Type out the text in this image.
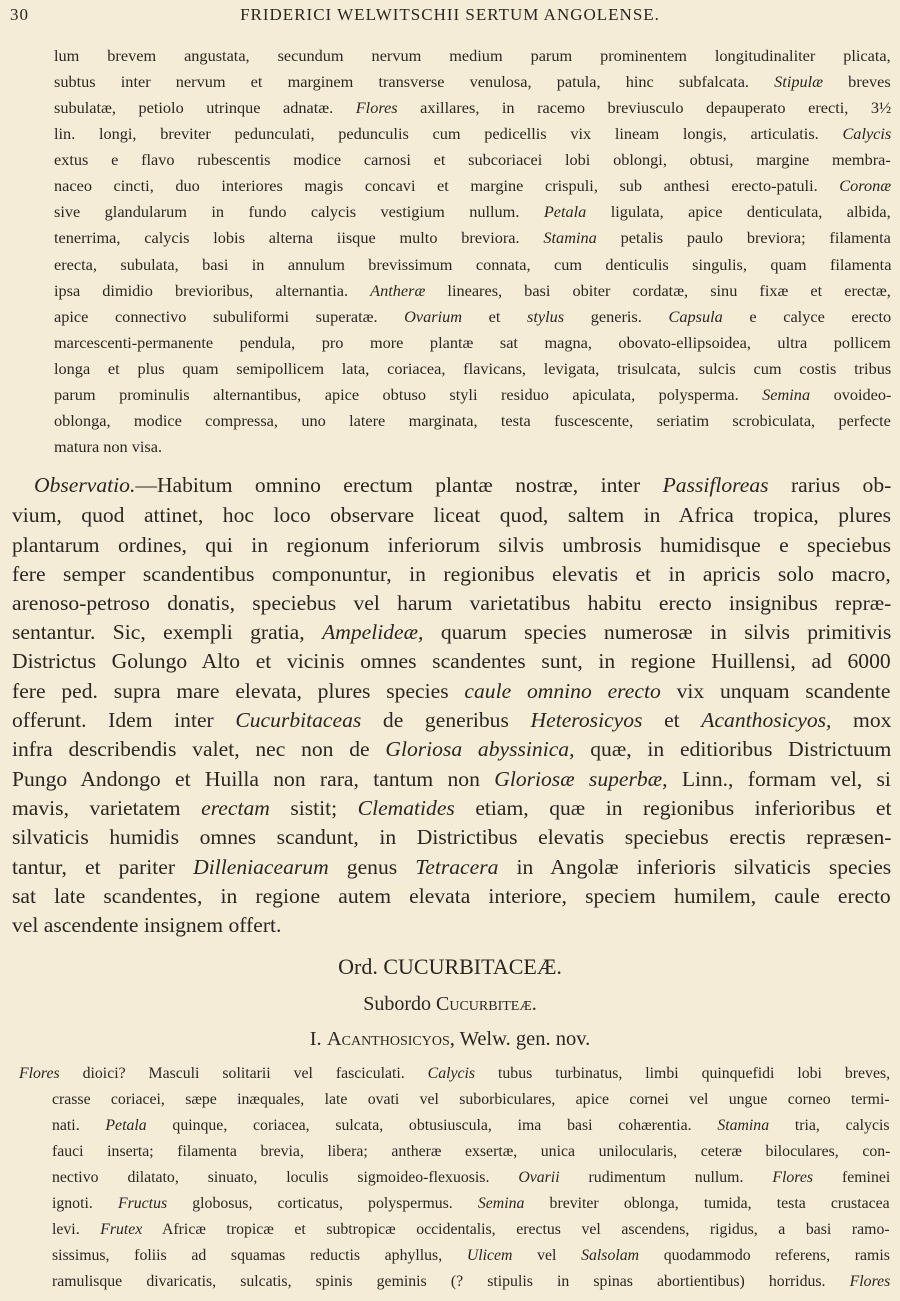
30	FRIDERICI WELWITSCHII SERTUM ANGOLENSE.
lum brevem angustata, secundum nervum medium parum prominentem longitudinaliter plicata,
subtus inter nervum et marginem transverse venulosa, patula, hinc subfalcata. Stipulæ breves
subulatæ, petiolo utrinque adnatæ. Flores axillares, in racemo breviusculo depauperato erecti, 3½
lin. longi, breviter pedunculati, pedunculis cum pedicellis vix lineam longis, articulatis. Calycis
extus e flavo rubescentis modice carnosi et subcoriacei lobi oblongi, obtusi, margine membra-
naceo cincti, duo interiores magis concavi et margine crispuli, sub anthesi erecto-patuli. Coronæ
sive glandularum in fundo calycis vestigium nullum. Petala ligulata, apice denticulata, albida,
tenerrima, calycis lobis alterna iisque multo breviora. Stamina petalis paulo breviora; filamenta
erecta, subulata, basi in annulum brevissimum connata, cum denticulis singulis, quam filamenta
ipsa dimidio brevioribus, alternantia. Antheræ lineares, basi obiter cordatæ, sinu fixæ et erectæ,
apice connectivo subuliformi superatæ. Ovarium et stylus generis. Capsula e calyce erecto
marcescenti-permanente pendula, pro more plantæ sat magna, obovato-ellipsoidea, ultra pollicem
longa et plus quam semipollicem lata, coriacea, flavicans, levigata, trisulcata, sulcis cum costis tribus
parum prominulis alternantibus, apice obtuso styli residuo apiculata, polysperma. Semina ovoideo-
oblonga, modice compressa, uno latere marginata, testa fuscescente, seriatim scrobiculata, perfecte
matura non visa.
Observatio.—Habitum omnino erectum plantæ nostræ, inter Passifloreas rarius ob-
vium, quod attinet, hoc loco observare liceat quod, saltem in Africa tropica, plures
plantarum ordines, qui in regionum inferiorum silvis umbrosis humidisque e speciebus
fere semper scandentibus componuntur, in regionibus elevatis et in apricis solo macro,
arenoso-petroso donatis, speciebus vel harum varietatibus habitu erecto insignibus repræ-
sentantur. Sic, exempli gratia, Ampelideæ, quarum species numerosæ in silvis primitivis
Districtus Golungo Alto et vicinis omnes scandentes sunt, in regione Huillensi, ad 6000
fere ped. supra mare elevata, plures species caule omnino erecto vix unquam scandente
offerunt. Idem inter Cucurbitaceas de generibus Heterosicyos et Acanthosicyos, mox
infra describendis valet, nec non de Gloriosa abyssinica, quæ, in editioribus Districtuum
Pungo Andongo et Huilla non rara, tantum non Gloriosæ superbæ, Linn., formam vel, si
mavis, varietatem erectam sistit; Clematides etiam, quæ in regionibus inferioribus et
silvaticis humidis omnes scandunt, in Districtibus elevatis speciebus erectis repræsen-
tantur, et pariter Dilleniacearum genus Tetracera in Angolæ inferioris silvaticis species
sat late scandentes, in regione autem elevata interiore, speciem humilem, caule erecto
vel ascendente insignem offert.
Ord. CUCURBITACEÆ.
Subordo Cucurbiteæ.
I. Acanthosicyos, Welw. gen. nov.
Flores dioici? Masculi solitarii vel fasciculati. Calycis tubus turbinatus, limbi quinquefidi lobi breves,
crasse coriacei, sæpe inæquales, late ovati vel suborbiculares, apice cornei vel ungue corneo termi-
nati. Petala quinque, coriacea, sulcata, obtusiuscula, ima basi cohærentia. Stamina tria, calycis
fauci inserta; filamenta brevia, libera; antheræ exsertæ, unica unilocularis, ceteræ biloculares, con-
nectivo dilatato, sinuato, loculis sigmoideo-flexuosis. Ovarii rudimentum nullum. Flores feminei
ignoti. Fructus globosus, corticatus, polyspermus. Semina breviter oblonga, tumida, testa crustacea
levi. Frutex Africæ tropicæ et subtropicæ occidentalis, erectus vel ascendens, rigidus, a basi ramo-
sissimus, foliis ad squamas reductis aphyllus, Ulicem vel Salsolam quodammodo referens, ramis
ramulisque divaricatis, sulcatis, spinis geminis (? stipulis in spinas abortientibus) horridus. Flores
